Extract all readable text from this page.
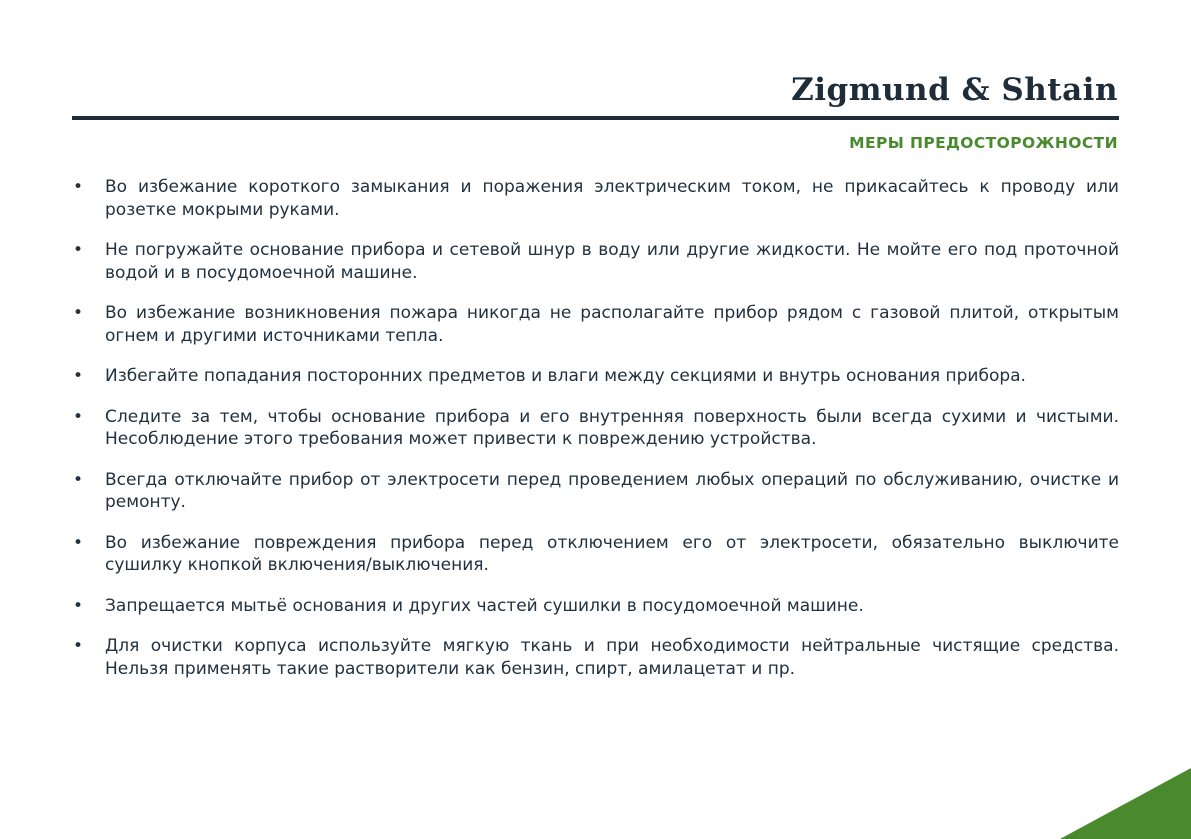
Zigmund & Shtain
МЕРЫ ПРЕДОСТОРОЖНОСТИ
• Во избежание короткого замыкания и поражения электрическим током, не прикасайтесь к проводу или розетке мокрыми руками.
• Не погружайте основание прибора и сетевой шнур в воду или другие жидкости. Не мойте его под проточной водой и в посудомоечной машине.
• Во избежание возникновения пожара никогда не располагайте прибор рядом с газовой плитой, открытым огнем и другими источниками тепла.
• Избегайте попадания посторонних предметов и влаги между секциями и внутрь основания прибора.
• Следите за тем, чтобы основание прибора и его внутренняя поверхность были всегда сухими и чистыми. Несоблюдение этого требования может привести к повреждению устройства.
• Всегда отключайте прибор от электросети перед проведением любых операций по обслуживанию, очистке и ремонту.
• Во избежание повреждения прибора перед отключением его от электросети, обязательно выключите сушилку кнопкой включения/выключения.
• Запрещается мытьё основания и других частей сушилки в посудомоечной машине.
• Для очистки корпуса используйте мягкую ткань и при необходимости нейтральные чистящие средства. Нельзя применять такие растворители как бензин, спирт, амилацетат и пр.
